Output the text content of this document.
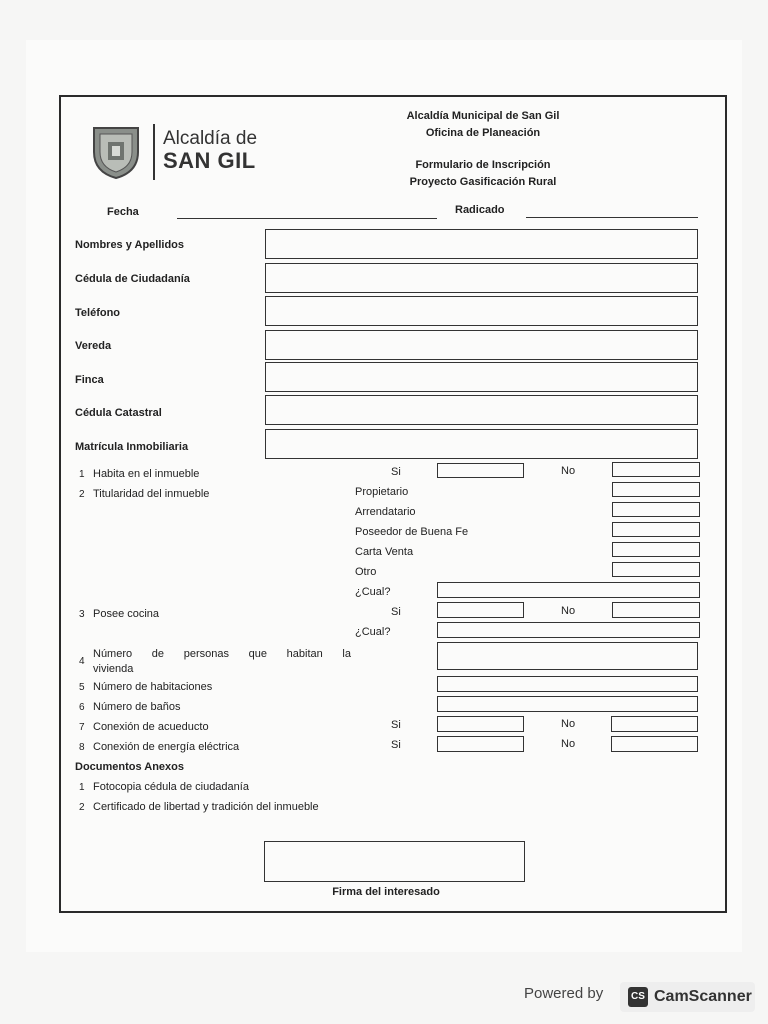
Alcaldía de
SAN GIL
Alcaldía Municipal de San Gil
Oficina de Planeación
Formulario de Inscripción
Proyecto Gasificación Rural
Fecha	Radicado
Nombres y Apellidos
Cédula de Ciudadanía
Teléfono
Vereda
Finca
Cédula Catastral
Matrícula Inmobiliaria
1 Habita en el inmueble	Si	No
2 Titularidad del inmueble	Propietario
Arrendatario
Poseedor de Buena Fe
Carta Venta
Otro
¿Cual?
3 Posee cocina	Si	No
¿Cual?
4
Número de personas que habitan la
vivienda
5 Número de habitaciones
6 Número de baños
7 Conexión de acueducto	Si	No
8 Conexión de energía eléctrica	Si	No
Documentos Anexos
1 Fotocopia cédula de ciudadanía
2 Certificado de libertad y tradición del inmueble
Firma del interesado
Powered by	CS CamScanner
